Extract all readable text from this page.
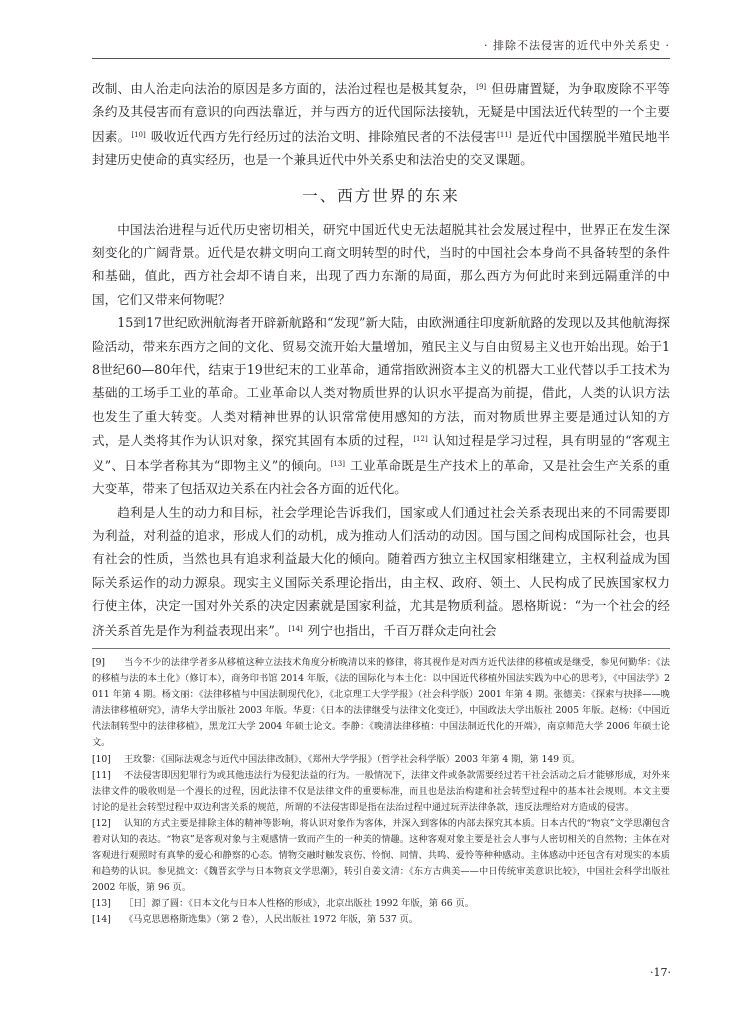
· 排除不法侵害的近代中外关系史 ·

改制、由人治走向法治的原因是多方面的，法治过程也是极其复杂，[9] 但毋庸置疑，为争取废除不平等条约及其侵害而有意识的向西法靠近，并与西方的近代国际法接轨，无疑是中国法近代转型的一个主要因素。[10] 吸收近代西方先行经历过的法治文明、排除殖民者的不法侵害[11] 是近代中国摆脱半殖民地半封建历史使命的真实经历，也是一个兼具近代中外关系史和法治史的交叉课题。

一、西方世界的东来

中国法治进程与近代历史密切相关，研究中国近代史无法超脱其社会发展过程中，世界正在发生深刻变化的广阔背景。近代是农耕文明向工商文明转型的时代，当时的中国社会本身尚不具备转型的条件和基础，值此，西方社会却不请自来，出现了西力东渐的局面，那么西方为何此时来到远隔重洋的中国，它们又带来何物呢？

15到17世纪欧洲航海者开辟新航路和“发现”新大陆，由欧洲通往印度新航路的发现以及其他航海探险活动，带来东西方之间的文化、贸易交流开始大量增加，殖民主义与自由贸易主义也开始出现。始于18世纪60—80年代，结束于19世纪末的工业革命，通常指欧洲资本主义的机器大工业代替以手工技术为基础的工场手工业的革命。工业革命以人类对物质世界的认识水平提高为前提，借此，人类的认识方法也发生了重大转变。人类对精神世界的认识常常使用感知的方法，而对物质世界主要是通过认知的方式，是人类将其作为认识对象，探究其固有本质的过程，[12] 认知过程是学习过程，具有明显的“客观主义”、日本学者称其为“即物主义”的倾向。[13] 工业革命既是生产技术上的革命，又是社会生产关系的重大变革，带来了包括双边关系在内社会各方面的近代化。

趋利是人生的动力和目标，社会学理论告诉我们，国家或人们通过社会关系表现出来的不同需要即为利益，对利益的追求，形成人们的动机，成为推动人们活动的动因。国与国之间构成国际社会，也具有社会的性质，当然也具有追求利益最大化的倾向。随着西方独立主权国家相继建立，主权利益成为国际关系运作的动力源泉。现实主义国际关系理论指出，由主权、政府、领土、人民构成了民族国家权力行使主体，决定一国对外关系的决定因素就是国家利益，尤其是物质利益。恩格斯说：“为一个社会的经济关系首先是作为利益表现出来”。[14] 列宁也指出，千百万群众走向社会

[9] 当今不少的法律学者多从移植这种立法技术角度分析晚清以来的修律，将其视作是对西方近代法律的移植或是继受，参见何勤华：《法的移植与法的本土化》（修订本），商务印书馆 2014 年版，《法的国际化与本土化：以中国近代移植外国法实践为中心的思考》，《中国法学》2011 年第 4 期。杨文丽：《法律移植与中国法制现代化》，《北京理工大学学报》（社会科学版）2001 年第 4 期。张德美：《探索与抉择——晚清法律移植研究》，清华大学出版社 2003 年版。华夏：《日本的法律继受与法律文化变迁》，中国政法大学出版社 2005 年版。赵杨：《中国近代法制转型中的法律移植》，黑龙江大学 2004 年硕士论文。李静：《晚清法律移植：中国法制近代化的开端》，南京师范大学 2006 年硕士论文。

[10] 王玫黎：《国际法观念与近代中国法律改制》，《郑州大学学报》（哲学社会科学版）2003 年第 4 期，第 149 页。

[11] 不法侵害即因犯罪行为或其他违法行为侵犯法益的行为。一般情况下，法律文件或条款需要经过若干社会活动之后才能够形成，对外来法律文件的吸收则是一个漫长的过程，因此法律不仅是法律文件的重要标准，而且也是法治构建和社会转型过程中的基本社会规则。本文主要讨论的是社会转型过程中双边利害关系的规范，所谓的不法侵害即是指在法治过程中通过玩弄法律条款，违反法理给对方造成的侵害。

[12] 认知的方式主要是排除主体的精神等影响，将认识对象作为客体，并深入到客体的内部去探究其本质。日本古代的“物哀”文学思潮包含着对认知的表达。“物哀”是客观对象与主观感情一致而产生的一种美的情趣。这种客观对象主要是社会人事与人密切相关的自然物；主体在对客观进行观照时有真挚的爱心和静察的心态。情物交融时触发哀伤、怜悯、同情、共鸣、爱怜等种种感动。主体感动中还包含有对现实的本质和趋势的认识。参见拙文：《魏晋玄学与日本物哀文学思潮》，转引自姜文清：《东方古典美——中日传统审美意识比较》，中国社会科学出版社 2002 年版，第 96 页。

[13] ［日］源了圆：《日本文化与日本人性格的形成》，北京出版社 1992 年版，第 66 页。

[14] 《马克思恩格斯选集》（第 2 卷），人民出版社 1972 年版，第 537 页。

·17·
